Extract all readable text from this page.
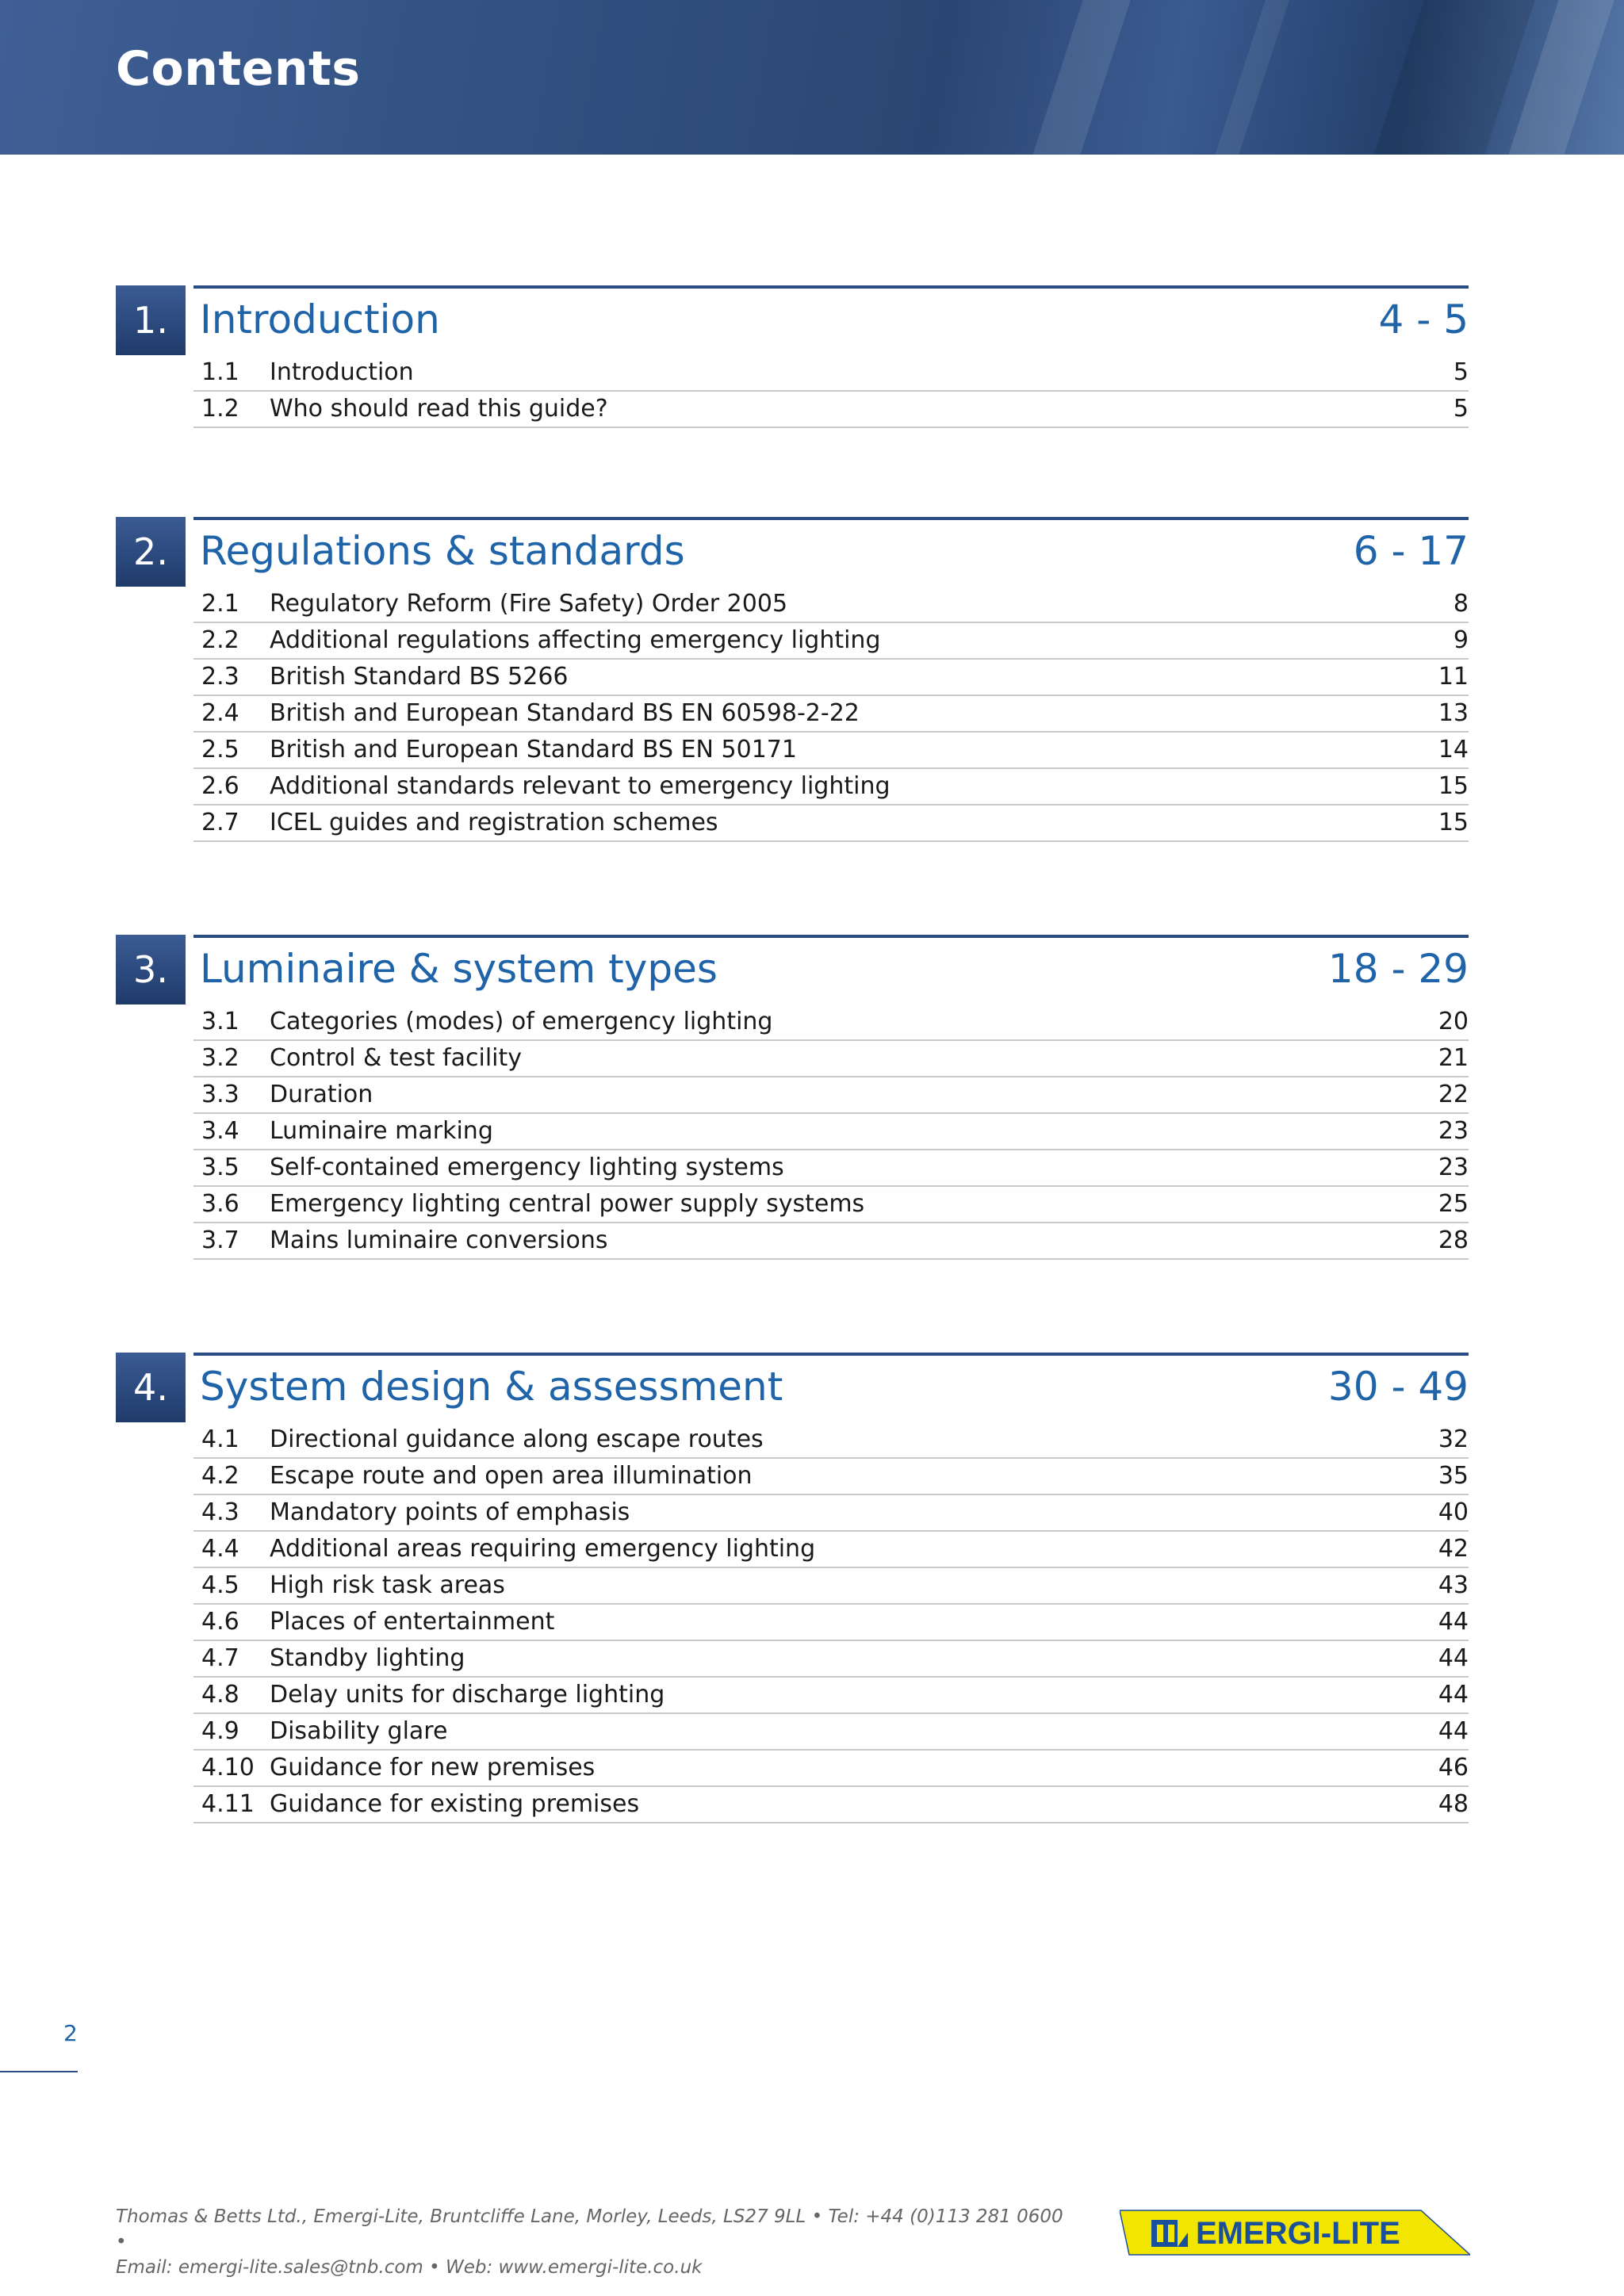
Contents
1. Introduction	4 - 5
1.1 Introduction	5
1.2 Who should read this guide?	5
2. Regulations & standards	6 - 17
2.1 Regulatory Reform (Fire Safety) Order 2005	8
2.2 Additional regulations affecting emergency lighting	9
2.3 British Standard BS 5266	11
2.4 British and European Standard BS EN 60598-2-22	13
2.5 British and European Standard BS EN 50171	14
2.6 Additional standards relevant to emergency lighting	15
2.7 ICEL guides and registration schemes	15
3. Luminaire & system types	18 - 29
3.1 Categories (modes) of emergency lighting	20
3.2 Control & test facility	21
3.3 Duration	22
3.4 Luminaire marking	23
3.5 Self-contained emergency lighting systems	23
3.6 Emergency lighting central power supply systems	25
3.7 Mains luminaire conversions	28
4. System design & assessment	30 - 49
4.1 Directional guidance along escape routes	32
4.2 Escape route and open area illumination	35
4.3 Mandatory points of emphasis	40
4.4 Additional areas requiring emergency lighting	42
4.5 High risk task areas	43
4.6 Places of entertainment	44
4.7 Standby lighting	44
4.8 Delay units for discharge lighting	44
4.9 Disability glare	44
4.10 Guidance for new premises	46
4.11 Guidance for existing premises	48
2
Thomas & Betts Ltd., Emergi-Lite, Bruntcliffe Lane, Morley, Leeds, LS27 9LL • Tel: +44 (0)113 281 0600 •
Email: emergi-lite.sales@tnb.com • Web: www.emergi-lite.co.uk
EMERGI-LITE
